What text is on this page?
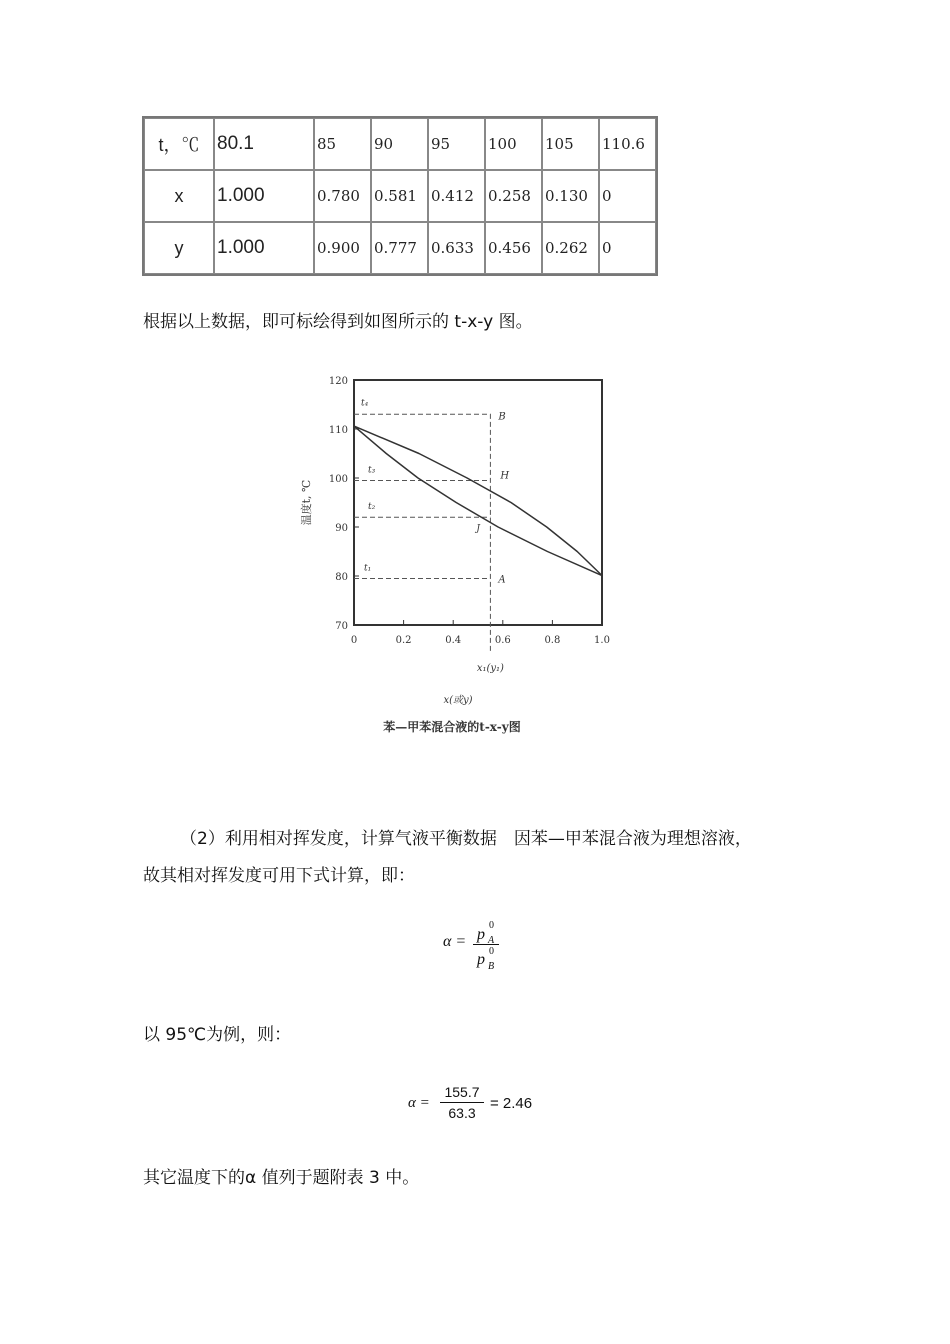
t，℃	80.1	85	90	95	100	105	110.6
x	1.000	0.780	0.581	0.412	0.258	0.130	0
y	1.000	0.900	0.777	0.633	0.456	0.262	0
根据以上数据，即可标绘得到如图所示的 t-x-y 图。
70
80
90
100
110
120
0	0.2	0.4	0.6	0.8	1.0
x₁(y₁)
x(或y)
温度t, ℃
t₄
t₃
t₂
t₁
B
H
J
A
苯—甲苯混合液的t-x-y图
（2）利用相对挥发度，计算气液平衡数据　因苯—甲苯混合液为理想溶液，
故其相对挥发度可用下式计算，即：
α = p
0
A
p 0
B
以 95℃为例，则：
α =
155.7
63.3
= 2.46
其它温度下的α 值列于题附表 3 中。
